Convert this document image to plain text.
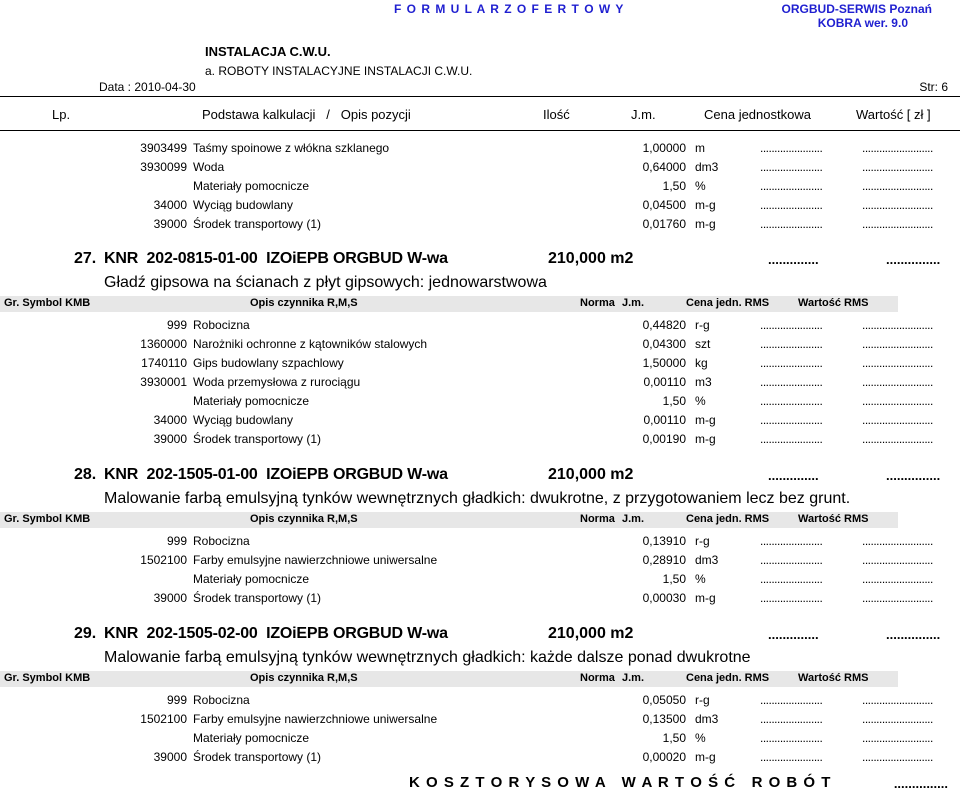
F O R M U L A R Z O F E R T O W Y	ORGBUD-SERWIS Poznań
KOBRA wer. 9.0
INSTALACJA C.W.U.
a. ROBOTY INSTALACYJNE INSTALACJI C.W.U.
Data : 2010-04-30	Str: 6
Lp.	Podstawa kalkulacji   /   Opis pozycji	Ilość	J.m.	Cena jednostkowa	Wartość [ zł ]
3903499 Taśmy spoinowe z włókna szklanego	1,00000 m	......................	.........................
3930099 Woda	0,64000 dm3	......................	.........................
Materiały pomocnicze	1,50 %	......................	.........................
34000 Wyciąg budowlany	0,04500 m-g	......................	.........................
39000 Środek transportowy (1)	0,01760 m-g	......................	.........................
27. KNR  202-0815-01-00  IZOiEPB ORGBUD W-wa	210,000 m2	..............	...............
Gładź gipsowa na ścianach z płyt gipsowych: jednowarstwowa
Gr. Symbol KMB	Opis czynnika R,M,S	Norma J.m.	Cena jedn. RMS	Wartość RMS
999 Robocizna	0,44820 r-g	......................	.........................
1360000 Narożniki ochronne z kątowników stalowych	0,04300 szt	......................	.........................
1740110 Gips budowlany szpachlowy	1,50000 kg	......................	.........................
3930001 Woda przemysłowa z rurociągu	0,00110 m3	......................	.........................
Materiały pomocnicze	1,50 %	......................	.........................
34000 Wyciąg budowlany	0,00110 m-g	......................	.........................
39000 Środek transportowy (1)	0,00190 m-g	......................	.........................
28. KNR  202-1505-01-00  IZOiEPB ORGBUD W-wa	210,000 m2	..............	...............
Malowanie farbą emulsyjną tynków wewnętrznych gładkich: dwukrotne, z przygotowaniem lecz bez grunt.
Gr. Symbol KMB	Opis czynnika R,M,S	Norma J.m.	Cena jedn. RMS	Wartość RMS
999 Robocizna	0,13910 r-g	......................	.........................
1502100 Farby emulsyjne nawierzchniowe uniwersalne	0,28910 dm3	......................	.........................
Materiały pomocnicze	1,50 %	......................	.........................
39000 Środek transportowy (1)	0,00030 m-g	......................	.........................
29. KNR  202-1505-02-00  IZOiEPB ORGBUD W-wa	210,000 m2	..............	...............
Malowanie farbą emulsyjną tynków wewnętrznych gładkich: każde dalsze ponad dwukrotne
Gr. Symbol KMB	Opis czynnika R,M,S	Norma J.m.	Cena jedn. RMS	Wartość RMS
999 Robocizna	0,05050 r-g	......................	.........................
1502100 Farby emulsyjne nawierzchniowe uniwersalne	0,13500 dm3	......................	.........................
Materiały pomocnicze	1,50 %	......................	.........................
39000 Środek transportowy (1)	0,00020 m-g	......................	.........................
K O S Z T O R Y S O W A   W A R T O Ś Ć   R O B Ó T	...............
